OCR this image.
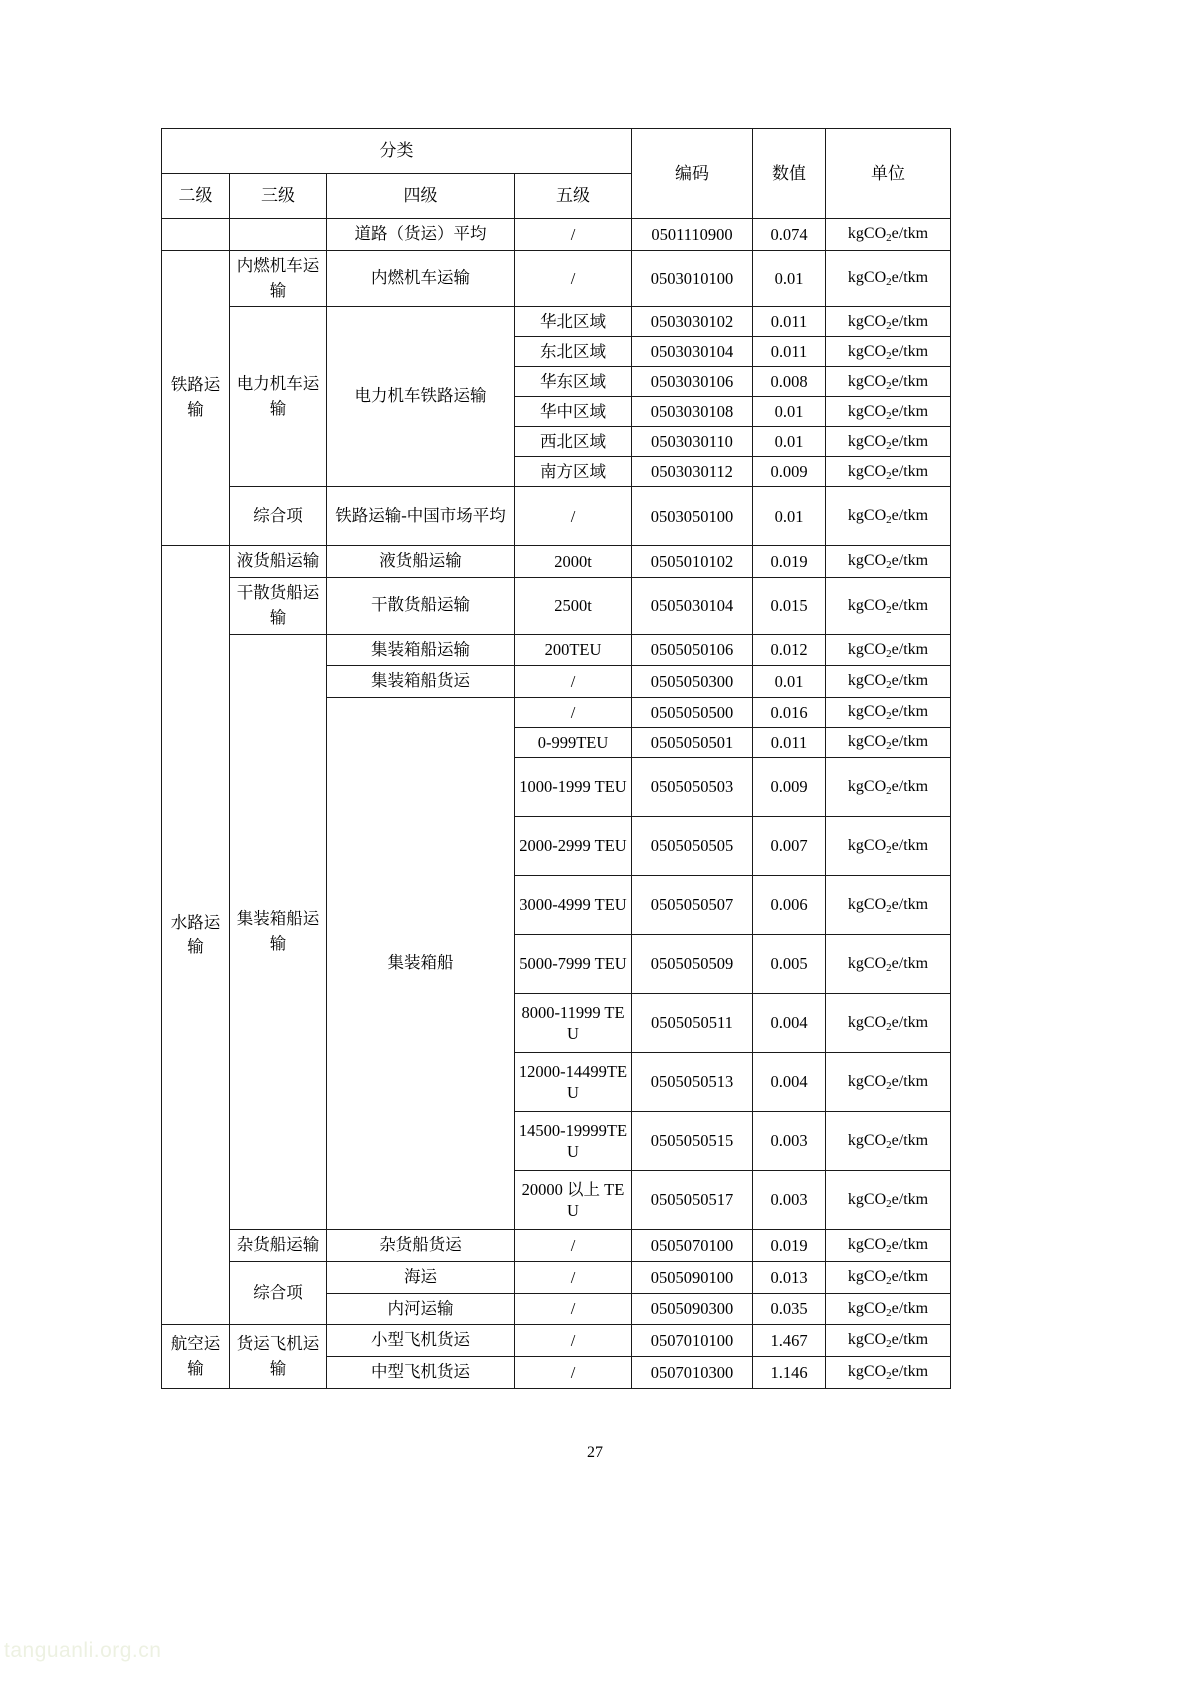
分类				编码	数值	单位
二级	三级	四级	五级			
		道路（货运）平均	/	0501110900	0.074	kgCO$_2$e/tkm
铁路运输	内燃机车运输	内燃机车运输	/	0503010100	0.01	kgCO$_2$e/tkm
	电力机车运输	电力机车铁路运输	华北区域	0503030102	0.011	kgCO$_2$e/tkm
			东北区域	0503030104	0.011	kgCO$_2$e/tkm
			华东区域	0503030106	0.008	kgCO$_2$e/tkm
			华中区域	0503030108	0.01	kgCO$_2$e/tkm
			西北区域	0503030110	0.01	kgCO$_2$e/tkm
			南方区域	0503030112	0.009	kgCO$_2$e/tkm
	综合项	铁路运输-中国市场平均	/	0503050100	0.01	kgCO$_2$e/tkm
水路运输	液货船运输	液货船运输	2000t	0505010102	0.019	kgCO$_2$e/tkm
	干散货船运输	干散货船运输	2500t	0505030104	0.015	kgCO$_2$e/tkm
	集装箱船运输	集装箱船运输	200TEU	0505050106	0.012	kgCO$_2$e/tkm
		集装箱船货运	/	0505050300	0.01	kgCO$_2$e/tkm
		集装箱船	/	0505050500	0.016	kgCO$_2$e/tkm
			0-999TEU	0505050501	0.011	kgCO$_2$e/tkm
			1000-1999 TEU	0505050503	0.009	kgCO$_2$e/tkm
			2000-2999 TEU	0505050505	0.007	kgCO$_2$e/tkm
			3000-4999 TEU	0505050507	0.006	kgCO$_2$e/tkm
			5000-7999 TEU	0505050509	0.005	kgCO$_2$e/tkm
			8000-11999 TEU	0505050511	0.004	kgCO$_2$e/tkm
			12000-14499TEU	0505050513	0.004	kgCO$_2$e/tkm
			14500-19999TEU	0505050515	0.003	kgCO$_2$e/tkm
			20000 以上 TEU	0505050517	0.003	kgCO$_2$e/tkm
	杂货船运输	杂货船货运	/	0505070100	0.019	kgCO$_2$e/tkm
	综合项	海运	/	0505090100	0.013	kgCO$_2$e/tkm
		内河运输	/	0505090300	0.035	kgCO$_2$e/tkm
航空运输	货运飞机运输	小型飞机货运	/	0507010100	1.467	kgCO$_2$e/tkm
		中型飞机货运	/	0507010300	1.146	kgCO$_2$e/tkm
27
tanguanli.org.cn
